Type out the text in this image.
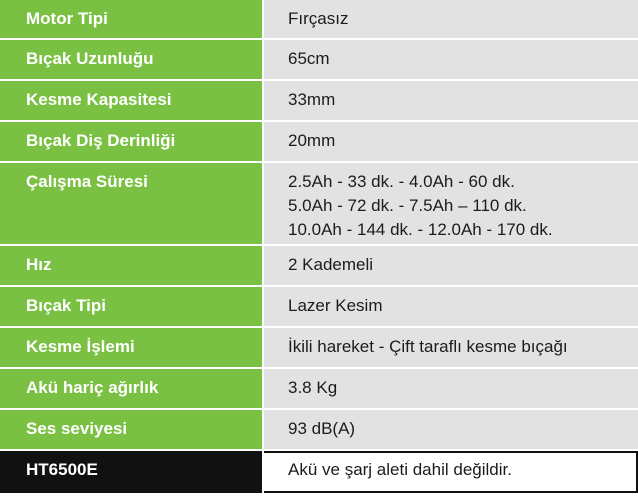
Motor Tipi	Fırçasız
Bıçak Uzunluğu	65cm
Kesme Kapasitesi	33mm
Bıçak Diş Derinliği	20mm
Çalışma Süresi	2.5Ah - 33 dk. - 4.0Ah - 60 dk.
5.0Ah - 72 dk. - 7.5Ah – 110 dk.
10.0Ah - 144 dk. - 12.0Ah - 170 dk.
Hız	2 Kademeli
Bıçak Tipi	Lazer Kesim
Kesme İşlemi	İkili hareket - Çift taraflı kesme bıçağı
Akü hariç ağırlık	3.8 Kg
Ses seviyesi	93 dB(A)
HT6500E	Akü ve şarj aleti dahil değildir.
